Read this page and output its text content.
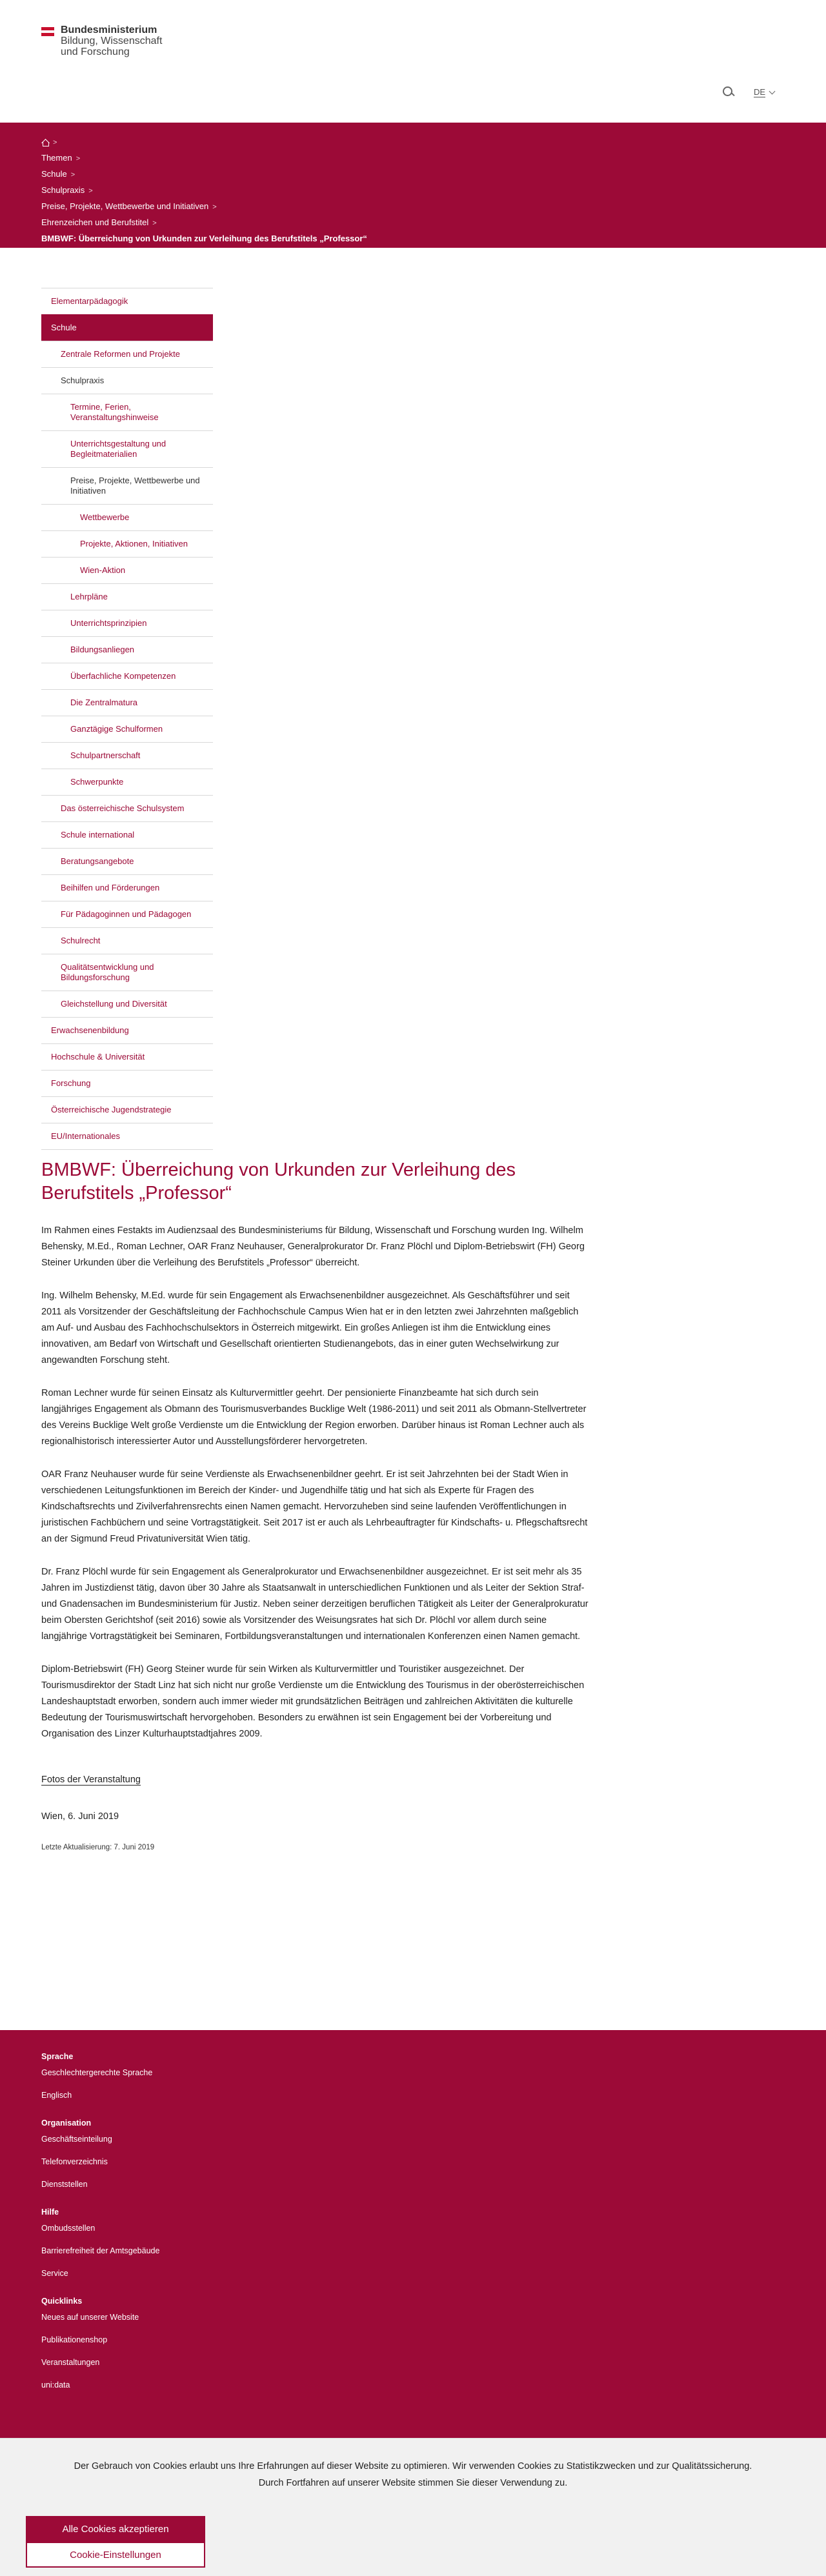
Bundesministerium
Bildung, Wissenschaft
und Forschung
DE
>
Themen >
Schule >
Schulpraxis >
Preise, Projekte, Wettbewerbe und Initiativen >
Ehrenzeichen und Berufstitel >
BMBWF: Überreichung von Urkunden zur Verleihung des Berufstitels „Professor“
Elementarpädagogik
Schule
Zentrale Reformen und Projekte
Schulpraxis
Termine, Ferien, Veranstaltungshinweise
Unterrichtsgestaltung und Begleitmaterialien
Preise, Projekte, Wettbewerbe und Initiativen
Wettbewerbe
Projekte, Aktionen, Initiativen
Wien-Aktion
Lehrpläne
Unterrichtsprinzipien
Bildungsanliegen
Überfachliche Kompetenzen
Die Zentralmatura
Ganztägige Schulformen
Schulpartnerschaft
Schwerpunkte
Das österreichische Schulsystem
Schule international
Beratungsangebote
Beihilfen und Förderungen
Für Pädagoginnen und Pädagogen
Schulrecht
Qualitätsentwicklung und Bildungsforschung
Gleichstellung und Diversität
Erwachsenenbildung
Hochschule & Universität
Forschung
Österreichische Jugendstrategie
EU/Internationales
BMBWF: Überreichung von Urkunden zur Verleihung des Berufstitels „Professor“

Im Rahmen eines Festakts im Audienzsaal des Bundesministeriums für Bildung, Wissenschaft und Forschung wurden Ing. Wilhelm Behensky, M.Ed., Roman Lechner, OAR Franz Neuhauser, Generalprokurator Dr. Franz Plöchl und Diplom-Betriebswirt (FH) Georg Steiner Urkunden über die Verleihung des Berufstitels „Professor“ überreicht.

Ing. Wilhelm Behensky, M.Ed. wurde für sein Engagement als Erwachsenenbildner ausgezeichnet. Als Geschäftsführer und seit 2011 als Vorsitzender der Geschäftsleitung der Fachhochschule Campus Wien hat er in den letzten zwei Jahrzehnten maßgeblich am Auf- und Ausbau des Fachhochschulsektors in Österreich mitgewirkt. Ein großes Anliegen ist ihm die Entwicklung eines innovativen, am Bedarf von Wirtschaft und Gesellschaft orientierten Studienangebots, das in einer guten Wechselwirkung zur angewandten Forschung steht.

Roman Lechner wurde für seinen Einsatz als Kulturvermittler geehrt. Der pensionierte Finanzbeamte hat sich durch sein langjähriges Engagement als Obmann des Tourismusverbandes Bucklige Welt (1986-2011) und seit 2011 als Obmann-Stellvertreter des Vereins Bucklige Welt große Verdienste um die Entwicklung der Region erworben. Darüber hinaus ist Roman Lechner auch als regionalhistorisch interessierter Autor und Ausstellungsförderer hervorgetreten.

OAR Franz Neuhauser wurde für seine Verdienste als Erwachsenenbildner geehrt. Er ist seit Jahrzehnten bei der Stadt Wien in verschiedenen Leitungsfunktionen im Bereich der Kinder- und Jugendhilfe tätig und hat sich als Experte für Fragen des Kindschaftsrechts und Zivilverfahrensrechts einen Namen gemacht. Hervorzuheben sind seine laufenden Veröffentlichungen in juristischen Fachbüchern und seine Vortragstätigkeit. Seit 2017 ist er auch als Lehrbeauftragter für Kindschafts- u. Pflegschaftsrecht an der Sigmund Freud Privatuniversität Wien tätig.

Dr. Franz Plöchl wurde für sein Engagement als Generalprokurator und Erwachsenenbildner ausgezeichnet. Er ist seit mehr als 35 Jahren im Justizdienst tätig, davon über 30 Jahre als Staatsanwalt in unterschiedlichen Funktionen und als Leiter der Sektion Straf- und Gnadensachen im Bundesministerium für Justiz. Neben seiner derzeitigen beruflichen Tätigkeit als Leiter der Generalprokuratur beim Obersten Gerichtshof (seit 2016) sowie als Vorsitzender des Weisungsrates hat sich Dr. Plöchl vor allem durch seine langjährige Vortragstätigkeit bei Seminaren, Fortbildungsveranstaltungen und internationalen Konferenzen einen Namen gemacht.

Diplom-Betriebswirt (FH) Georg Steiner wurde für sein Wirken als Kulturvermittler und Touristiker ausgezeichnet. Der Tourismusdirektor der Stadt Linz hat sich nicht nur große Verdienste um die Entwicklung des Tourismus in der oberösterreichischen Landeshauptstadt erworben, sondern auch immer wieder mit grundsätzlichen Beiträgen und zahlreichen Aktivitäten die kulturelle Bedeutung der Tourismuswirtschaft hervorgehoben. Besonders zu erwähnen ist sein Engagement bei der Vorbereitung und Organisation des Linzer Kulturhauptstadtjahres 2009.

Fotos der Veranstaltung
Wien, 6. Juni 2019
Letzte Aktualisierung: 7. Juni 2019
Sprache
Geschlechtergerechte Sprache
Englisch
Organisation
Geschäftseinteilung
Telefonverzeichnis
Dienststellen
Hilfe
Ombudsstellen
Barrierefreiheit der Amtsgebäude
Service
Quicklinks
Neues auf unserer Website
Publikationenshop
Veranstaltungen
uni:data
Der Gebrauch von Cookies erlaubt uns Ihre Erfahrungen auf dieser Website zu optimieren. Wir verwenden Cookies zu Statistikzwecken und zur Qualitätssicherung.
Durch Fortfahren auf unserer Website stimmen Sie dieser Verwendung zu.
Alle Cookies akzeptieren
Cookie-Einstellungen
